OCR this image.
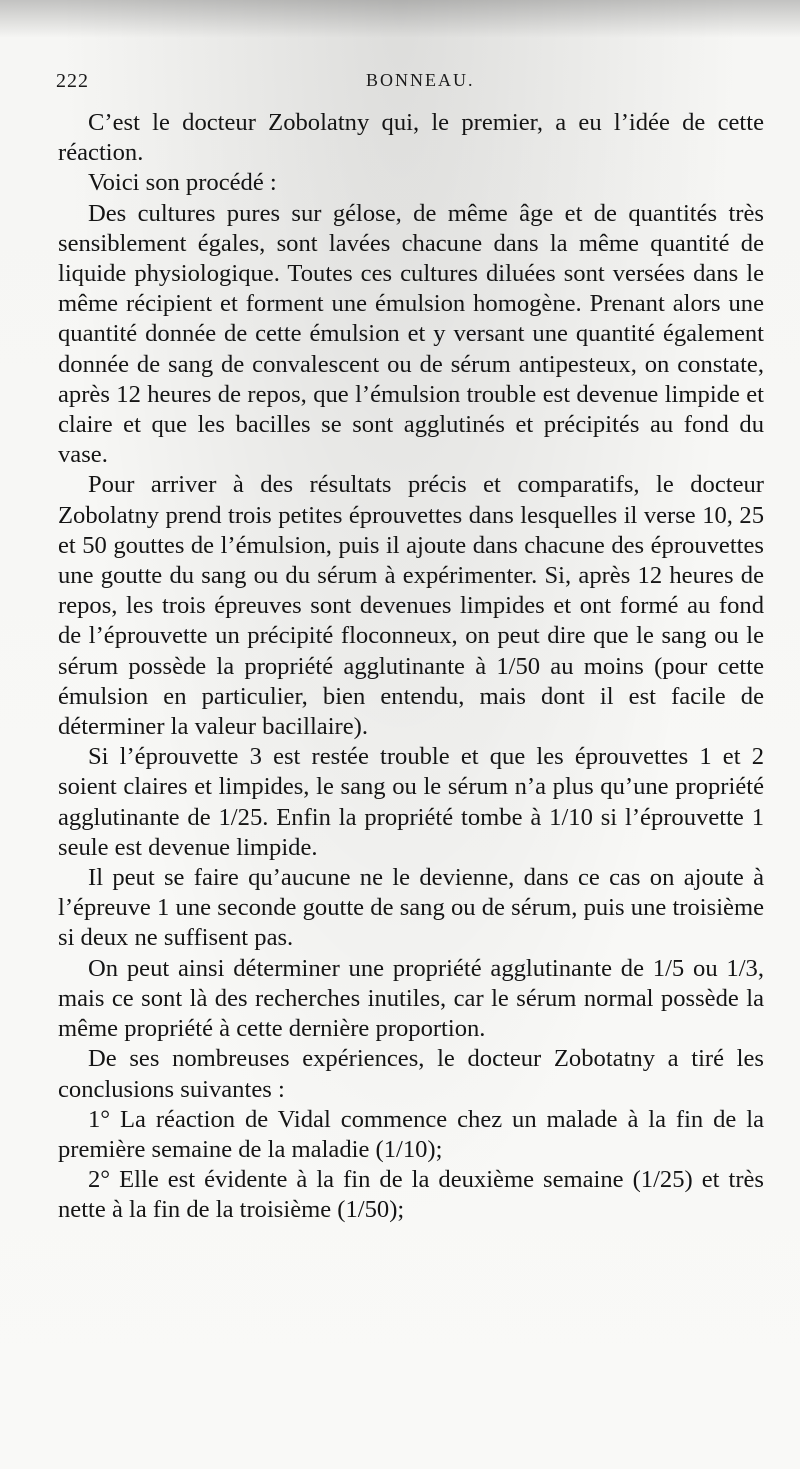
222	BONNEAU.

C’est le docteur Zobolatny qui, le premier, a eu l’idée de cette réaction.

Voici son procédé :

Des cultures pures sur gélose, de même âge et de quantités très sensiblement égales, sont lavées chacune dans la même quantité de liquide physiologique. Toutes ces cultures diluées sont versées dans le même récipient et forment une émulsion homogène. Prenant alors une quantité donnée de cette émulsion et y versant une quantité également donnée de sang de convalescent ou de sérum antipesteux, on constate, après 12 heures de repos, que l’émulsion trouble est devenue limpide et claire et que les bacilles se sont agglutinés et précipités au fond du vase.

Pour arriver à des résultats précis et comparatifs, le docteur Zobolatny prend trois petites éprouvettes dans lesquelles il verse 10, 25 et 50 gouttes de l’émulsion, puis il ajoute dans chacune des éprouvettes une goutte du sang ou du sérum à expérimenter. Si, après 12 heures de repos, les trois épreuves sont devenues limpides et ont formé au fond de l’éprouvette un précipité floconneux, on peut dire que le sang ou le sérum possède la propriété agglutinante à 1/50 au moins (pour cette émulsion en particulier, bien entendu, mais dont il est facile de déterminer la valeur bacillaire).

Si l’éprouvette 3 est restée trouble et que les éprouvettes 1 et 2 soient claires et limpides, le sang ou le sérum n’a plus qu’une propriété agglutinante de 1/25. Enfin la propriété tombe à 1/10 si l’éprouvette 1 seule est devenue limpide.

Il peut se faire qu’aucune ne le devienne, dans ce cas on ajoute à l’épreuve 1 une seconde goutte de sang ou de sérum, puis une troisième si deux ne suffisent pas.

On peut ainsi déterminer une propriété agglutinante de 1/5 ou 1/3, mais ce sont là des recherches inutiles, car le sérum normal possède la même propriété à cette dernière proportion.

De ses nombreuses expériences, le docteur Zobotatny a tiré les conclusions suivantes :

1° La réaction de Vidal commence chez un malade à la fin de la première semaine de la maladie (1/10);

2° Elle est évidente à la fin de la deuxième semaine (1/25) et très nette à la fin de la troisième (1/50);
